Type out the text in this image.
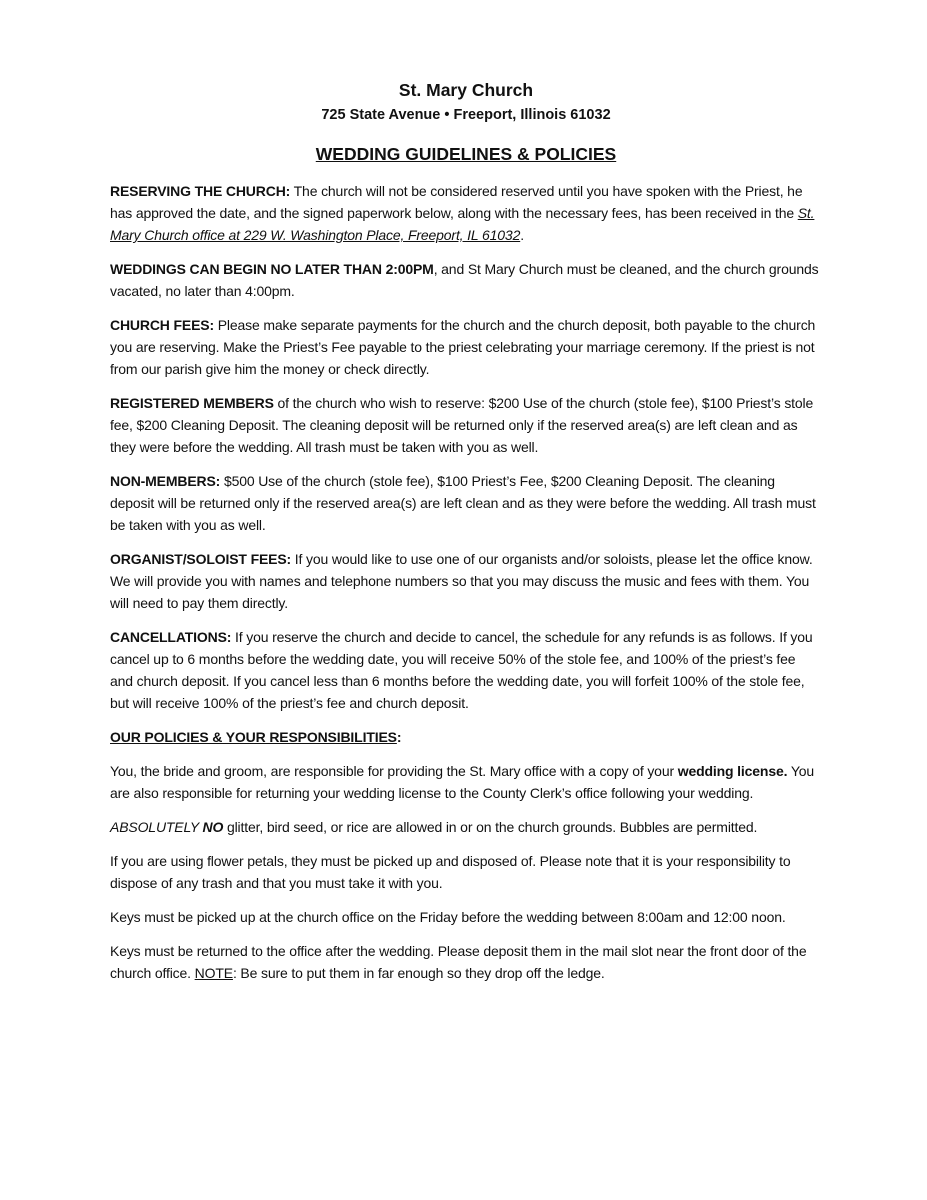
St. Mary Church
725 State Avenue • Freeport, Illinois 61032
WEDDING GUIDELINES & POLICIES

RESERVING THE CHURCH: The church will not be considered reserved until you have spoken with the Priest, he has approved the date, and the signed paperwork below, along with the necessary fees, has been received in the St. Mary Church office at 229 W. Washington Place, Freeport, IL 61032.

WEDDINGS CAN BEGIN NO LATER THAN 2:00PM, and St Mary Church must be cleaned, and the church grounds vacated, no later than 4:00pm.

CHURCH FEES: Please make separate payments for the church and the church deposit, both payable to the church you are reserving. Make the Priest’s Fee payable to the priest celebrating your marriage ceremony. If the priest is not from our parish give him the money or check directly.

REGISTERED MEMBERS of the church who wish to reserve: $200 Use of the church (stole fee), $100 Priest’s stole fee, $200 Cleaning Deposit. The cleaning deposit will be returned only if the reserved area(s) are left clean and as they were before the wedding. All trash must be taken with you as well.

NON-MEMBERS: $500 Use of the church (stole fee), $100 Priest’s Fee, $200 Cleaning Deposit. The cleaning deposit will be returned only if the reserved area(s) are left clean and as they were before the wedding. All trash must be taken with you as well.

ORGANIST/SOLOIST FEES: If you would like to use one of our organists and/or soloists, please let the office know. We will provide you with names and telephone numbers so that you may discuss the music and fees with them. You will need to pay them directly.

CANCELLATIONS: If you reserve the church and decide to cancel, the schedule for any refunds is as follows. If you cancel up to 6 months before the wedding date, you will receive 50% of the stole fee, and 100% of the priest’s fee and church deposit. If you cancel less than 6 months before the wedding date, you will forfeit 100% of the stole fee, but will receive 100% of the priest’s fee and church deposit.

OUR POLICIES & YOUR RESPONSIBILITIES:

You, the bride and groom, are responsible for providing the St. Mary office with a copy of your wedding license. You are also responsible for returning your wedding license to the County Clerk’s office following your wedding.

ABSOLUTELY NO glitter, bird seed, or rice are allowed in or on the church grounds. Bubbles are permitted.

If you are using flower petals, they must be picked up and disposed of. Please note that it is your responsibility to dispose of any trash and that you must take it with you.

Keys must be picked up at the church office on the Friday before the wedding between 8:00am and 12:00 noon.

Keys must be returned to the office after the wedding. Please deposit them in the mail slot near the front door of the church office. NOTE: Be sure to put them in far enough so they drop off the ledge.
